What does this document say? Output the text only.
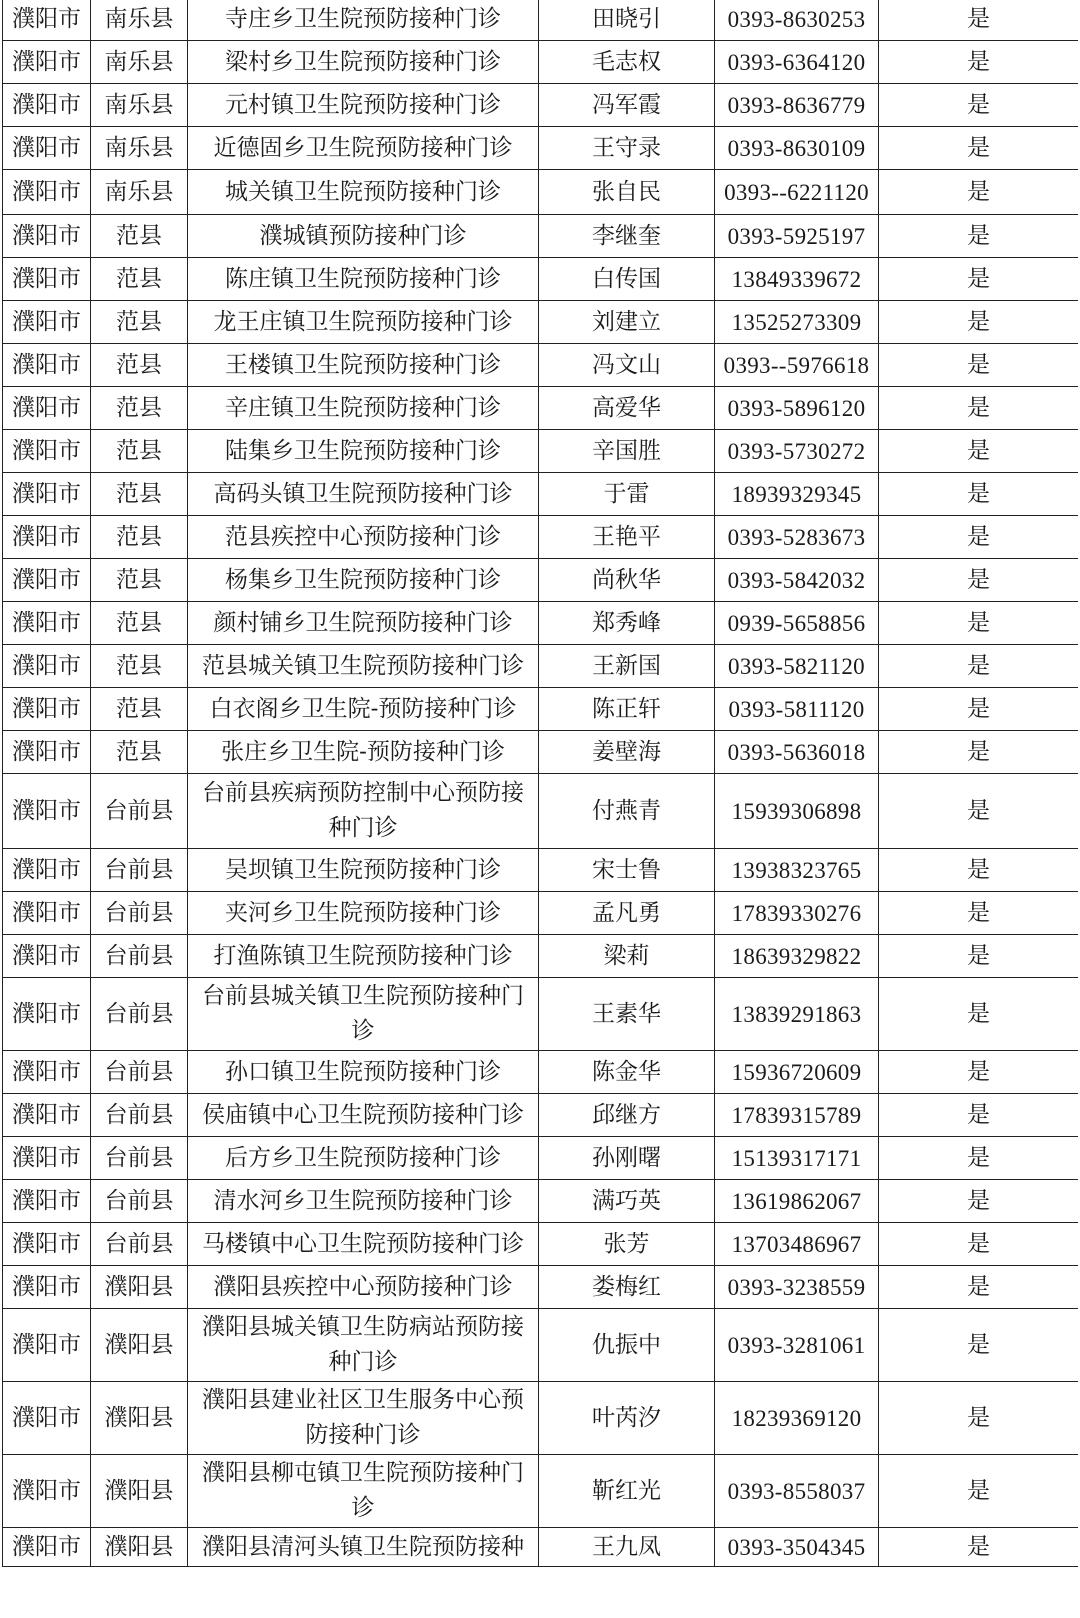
濮阳市	南乐县	寺庄乡卫生院预防接种门诊	田晓引	0393-8630253	是
濮阳市	南乐县	梁村乡卫生院预防接种门诊	毛志权	0393-6364120	是
濮阳市	南乐县	元村镇卫生院预防接种门诊	冯军霞	0393-8636779	是
濮阳市	南乐县	近德固乡卫生院预防接种门诊	王守录	0393-8630109	是
濮阳市	南乐县	城关镇卫生院预防接种门诊	张自民	0393--6221120	是
濮阳市	范县	濮城镇预防接种门诊	李继奎	0393-5925197	是
濮阳市	范县	陈庄镇卫生院预防接种门诊	白传国	13849339672	是
濮阳市	范县	龙王庄镇卫生院预防接种门诊	刘建立	13525273309	是
濮阳市	范县	王楼镇卫生院预防接种门诊	冯文山	0393--5976618	是
濮阳市	范县	辛庄镇卫生院预防接种门诊	高爱华	0393-5896120	是
濮阳市	范县	陆集乡卫生院预防接种门诊	辛国胜	0393-5730272	是
濮阳市	范县	高码头镇卫生院预防接种门诊	于雷	18939329345	是
濮阳市	范县	范县疾控中心预防接种门诊	王艳平	0393-5283673	是
濮阳市	范县	杨集乡卫生院预防接种门诊	尚秋华	0393-5842032	是
濮阳市	范县	颜村铺乡卫生院预防接种门诊	郑秀峰	0939-5658856	是
濮阳市	范县	范县城关镇卫生院预防接种门诊	王新国	0393-5821120	是
濮阳市	范县	白衣阁乡卫生院-预防接种门诊	陈正轩	0393-5811120	是
濮阳市	范县	张庄乡卫生院-预防接种门诊	姜壁海	0393-5636018	是
濮阳市	台前县	台前县疾病预防控制中心预防接种门诊	付燕青	15939306898	是
濮阳市	台前县	吴坝镇卫生院预防接种门诊	宋士鲁	13938323765	是
濮阳市	台前县	夹河乡卫生院预防接种门诊	孟凡勇	17839330276	是
濮阳市	台前县	打渔陈镇卫生院预防接种门诊	梁莉	18639329822	是
濮阳市	台前县	台前县城关镇卫生院预防接种门诊	王素华	13839291863	是
濮阳市	台前县	孙口镇卫生院预防接种门诊	陈金华	15936720609	是
濮阳市	台前县	侯庙镇中心卫生院预防接种门诊	邱继方	17839315789	是
濮阳市	台前县	后方乡卫生院预防接种门诊	孙刚曙	15139317171	是
濮阳市	台前县	清水河乡卫生院预防接种门诊	满巧英	13619862067	是
濮阳市	台前县	马楼镇中心卫生院预防接种门诊	张芳	13703486967	是
濮阳市	濮阳县	濮阳县疾控中心预防接种门诊	娄梅红	0393-3238559	是
濮阳市	濮阳县	濮阳县城关镇卫生防病站预防接种门诊	仇振中	0393-3281061	是
濮阳市	濮阳县	濮阳县建业社区卫生服务中心预防接种门诊	叶芮汐	18239369120	是
濮阳市	濮阳县	濮阳县柳屯镇卫生院预防接种门诊	靳红光	0393-8558037	是
濮阳市	濮阳县	濮阳县清河头镇卫生院预防接种	王九凤	0393-3504345	是
